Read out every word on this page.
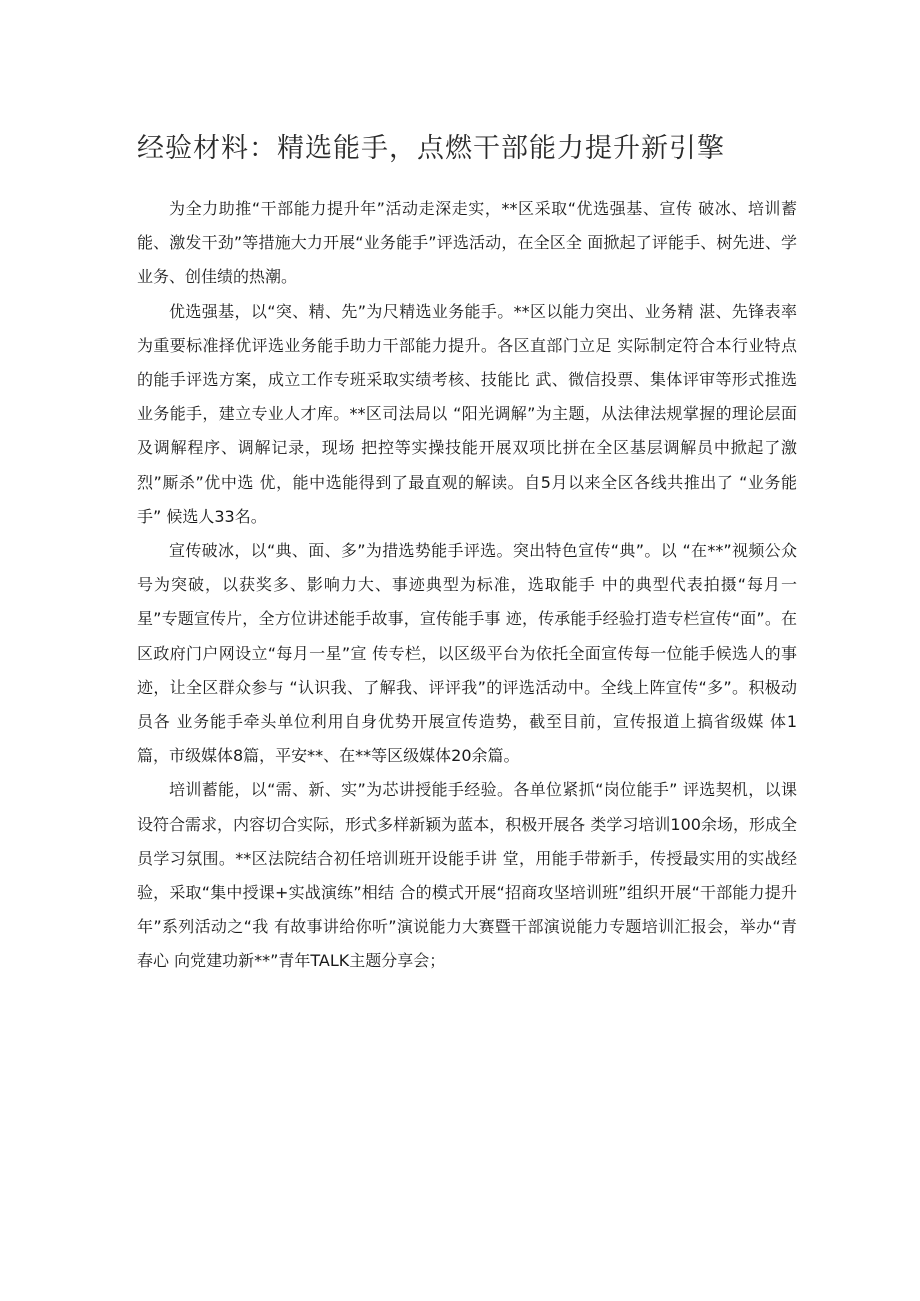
经验材料：精选能手，点燃干部能力提升新引擎

为全力助推“干部能力提升年”活动走深走实，**区采取“优选强基、宣传 破冰、培训蓄能、激发干劲”等措施大力开展“业务能手”评选活动，在全区全 面掀起了评能手、树先进、学业务、创佳绩的热潮。

优选强基，以“突、精、先”为尺精选业务能手。**区以能力突出、业务精 湛、先锋表率为重要标准择优评选业务能手助力干部能力提升。各区直部门立足 实际制定符合本行业特点的能手评选方案，成立工作专班采取实绩考核、技能比 武、微信投票、集体评审等形式推选业务能手，建立专业人才库。**区司法局以 “阳光调解”为主题，从法律法规掌握的理论层面及调解程序、调解记录，现场 把控等实操技能开展双项比拼在全区基层调解员中掀起了激烈”厮杀”优中选 优，能中选能得到了最直观的解读。自5月以来全区各线共推出了 “业务能手” 候选人33名。

宣传破冰，以“典、面、多”为措选势能手评选。突出特色宣传“典”。以 “在**”视频公众号为突破，以获奖多、影响力大、事迹典型为标准，选取能手 中的典型代表拍摄“每月一星”专题宣传片，全方位讲述能手故事，宣传能手事 迹，传承能手经验打造专栏宣传“面”。在区政府门户网设立“每月一星”宣 传专栏，以区级平台为依托全面宣传每一位能手候选人的事迹，让全区群众参与 “认识我、了解我、评评我”的评选活动中。全线上阵宣传“多”。积极动员各 业务能手牵头单位利用自身优势开展宣传造势，截至目前，宣传报道上搞省级媒 体1篇，市级媒体8篇，平安**、在**等区级媒体20余篇。

培训蓄能，以“需、新、实”为芯讲授能手经验。各单位紧抓“岗位能手” 评选契机，以课设符合需求，内容切合实际，形式多样新颖为蓝本，积极开展各 类学习培训100余场，形成全员学习氛围。**区法院结合初任培训班开设能手讲 堂，用能手带新手，传授最实用的实战经验，采取“集中授课+实战演练”相结 合的模式开展“招商攻坚培训班”组织开展“干部能力提升年”系列活动之“我 有故事讲给你听”演说能力大赛暨干部演说能力专题培训汇报会，举办“青春心 向党建功新**”青年TALK主题分享会；
